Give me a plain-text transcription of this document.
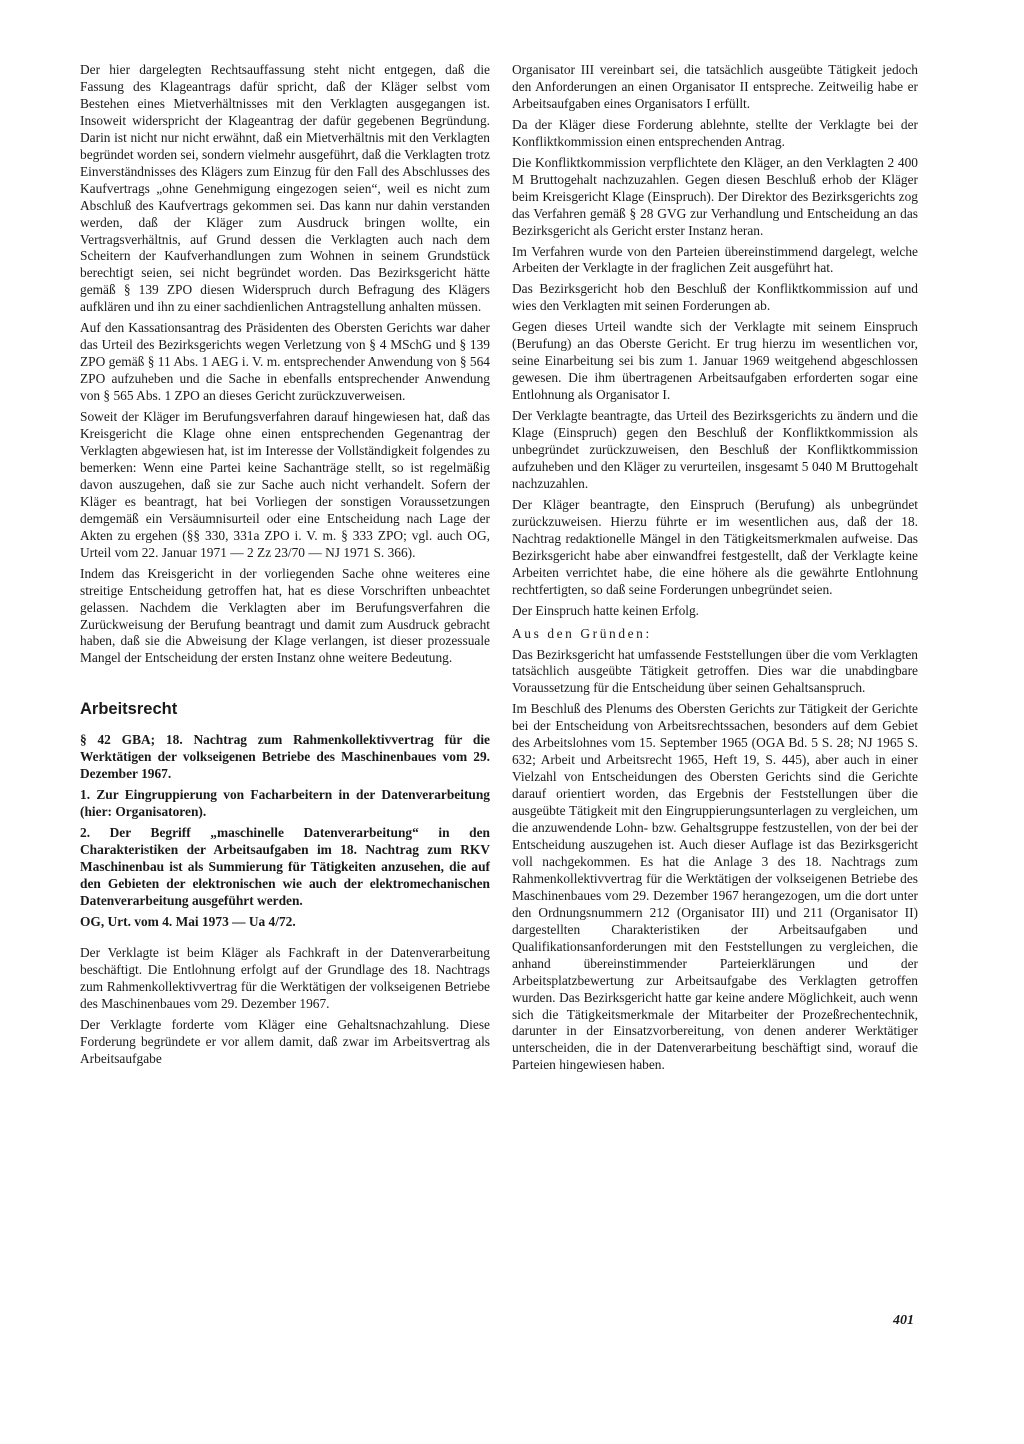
Der hier dargelegten Rechtsauffassung steht nicht entgegen, daß die Fassung des Klageantrags dafür spricht, daß der Kläger selbst vom Bestehen eines Mietverhältnisses mit den Verklagten ausgegangen ist. Insoweit widerspricht der Klageantrag der dafür gegebenen Begründung. Darin ist nicht nur nicht erwähnt, daß ein Mietverhältnis mit den Verklagten begründet worden sei, sondern vielmehr ausgeführt, daß die Verklagten trotz Einverständnisses des Klägers zum Einzug für den Fall des Abschlusses des Kaufvertrags „ohne Genehmigung eingezogen seien“, weil es nicht zum Abschluß des Kaufvertrags gekommen sei. Das kann nur dahin verstanden werden, daß der Kläger zum Ausdruck bringen wollte, ein Vertragsverhältnis, auf Grund dessen die Verklagten auch nach dem Scheitern der Kaufverhandlungen zum Wohnen in seinem Grundstück berechtigt seien, sei nicht begründet worden. Das Bezirksgericht hätte gemäß § 139 ZPO diesen Widerspruch durch Befragung des Klägers aufklären und ihn zu einer sachdienlichen Antragstellung anhalten müssen.

Auf den Kassationsantrag des Präsidenten des Obersten Gerichts war daher das Urteil des Bezirksgerichts wegen Verletzung von § 4 MSchG und § 139 ZPO gemäß § 11 Abs. 1 AEG i. V. m. entsprechender Anwendung von § 564 ZPO aufzuheben und die Sache in ebenfalls entsprechender Anwendung von § 565 Abs. 1 ZPO an dieses Gericht zurückzuverweisen.

Soweit der Kläger im Berufungsverfahren darauf hingewiesen hat, daß das Kreisgericht die Klage ohne einen entsprechenden Gegenantrag der Verklagten abgewiesen hat, ist im Interesse der Vollständigkeit folgendes zu bemerken: Wenn eine Partei keine Sachanträge stellt, so ist regelmäßig davon auszugehen, daß sie zur Sache auch nicht verhandelt. Sofern der Kläger es beantragt, hat bei Vorliegen der sonstigen Voraussetzungen demgemäß ein Versäumnisurteil oder eine Entscheidung nach Lage der Akten zu ergehen (§§ 330, 331a ZPO i. V. m. § 333 ZPO; vgl. auch OG, Urteil vom 22. Januar 1971 — 2 Zz 23/70 — NJ 1971 S. 366).

Indem das Kreisgericht in der vorliegenden Sache ohne weiteres eine streitige Entscheidung getroffen hat, hat es diese Vorschriften unbeachtet gelassen. Nachdem die Verklagten aber im Berufungsverfahren die Zurückweisung der Berufung beantragt und damit zum Ausdruck gebracht haben, daß sie die Abweisung der Klage verlangen, ist dieser prozessuale Mangel der Entscheidung der ersten Instanz ohne weitere Bedeutung.

Arbeitsrecht

§ 42 GBA; 18. Nachtrag zum Rahmenkollektivvertrag für die Werktätigen der volkseigenen Betriebe des Maschinenbaues vom 29. Dezember 1967.

1. Zur Eingruppierung von Facharbeitern in der Datenverarbeitung (hier: Organisatoren).

2. Der Begriff „maschinelle Datenverarbeitung“ in den Charakteristiken der Arbeitsaufgaben im 18. Nachtrag zum RKV Maschinenbau ist als Summierung für Tätigkeiten anzusehen, die auf den Gebieten der elektronischen wie auch der elektromechanischen Datenverarbeitung ausgeführt werden.

OG, Urt. vom 4. Mai 1973 — Ua 4/72.

Der Verklagte ist beim Kläger als Fachkraft in der Datenverarbeitung beschäftigt. Die Entlohnung erfolgt auf der Grundlage des 18. Nachtrags zum Rahmenkollektivvertrag für die Werktätigen der volkseigenen Betriebe des Maschinenbaues vom 29. Dezember 1967.

Der Verklagte forderte vom Kläger eine Gehaltsnachzahlung. Diese Forderung begründete er vor allem damit, daß zwar im Arbeitsvertrag als Arbeitsaufgabe

Organisator III vereinbart sei, die tatsächlich ausgeübte Tätigkeit jedoch den Anforderungen an einen Organisator II entspreche. Zeitweilig habe er Arbeitsaufgaben eines Organisators I erfüllt.

Da der Kläger diese Forderung ablehnte, stellte der Verklagte bei der Konfliktkommission einen entsprechenden Antrag.

Die Konfliktkommission verpflichtete den Kläger, an den Verklagten 2 400 M Bruttogehalt nachzuzahlen. Gegen diesen Beschluß erhob der Kläger beim Kreisgericht Klage (Einspruch). Der Direktor des Bezirksgerichts zog das Verfahren gemäß § 28 GVG zur Verhandlung und Entscheidung an das Bezirksgericht als Gericht erster Instanz heran.

Im Verfahren wurde von den Parteien übereinstimmend dargelegt, welche Arbeiten der Verklagte in der fraglichen Zeit ausgeführt hat.

Das Bezirksgericht hob den Beschluß der Konfliktkommission auf und wies den Verklagten mit seinen Forderungen ab.

Gegen dieses Urteil wandte sich der Verklagte mit seinem Einspruch (Berufung) an das Oberste Gericht. Er trug hierzu im wesentlichen vor, seine Einarbeitung sei bis zum 1. Januar 1969 weitgehend abgeschlossen gewesen. Die ihm übertragenen Arbeitsaufgaben erforderten sogar eine Entlohnung als Organisator I.

Der Verklagte beantragte, das Urteil des Bezirksgerichts zu ändern und die Klage (Einspruch) gegen den Beschluß der Konfliktkommission als unbegründet zurückzuweisen, den Beschluß der Konfliktkommission aufzuheben und den Kläger zu verurteilen, insgesamt 5 040 M Bruttogehalt nachzuzahlen.

Der Kläger beantragte, den Einspruch (Berufung) als unbegründet zurückzuweisen. Hierzu führte er im wesentlichen aus, daß der 18. Nachtrag redaktionelle Mängel in den Tätigkeitsmerkmalen aufweise. Das Bezirksgericht habe aber einwandfrei festgestellt, daß der Verklagte keine Arbeiten verrichtet habe, die eine höhere als die gewährte Entlohnung rechtfertigten, so daß seine Forderungen unbegründet seien.

Der Einspruch hatte keinen Erfolg.

Aus den Gründen:

Das Bezirksgericht hat umfassende Feststellungen über die vom Verklagten tatsächlich ausgeübte Tätigkeit getroffen. Dies war die unabdingbare Voraussetzung für die Entscheidung über seinen Gehaltsanspruch.

Im Beschluß des Plenums des Obersten Gerichts zur Tätigkeit der Gerichte bei der Entscheidung von Arbeitsrechtssachen, besonders auf dem Gebiet des Arbeitslohnes vom 15. September 1965 (OGA Bd. 5 S. 28; NJ 1965 S. 632; Arbeit und Arbeitsrecht 1965, Heft 19, S. 445), aber auch in einer Vielzahl von Entscheidungen des Obersten Gerichts sind die Gerichte darauf orientiert worden, das Ergebnis der Feststellungen über die ausgeübte Tätigkeit mit den Eingruppierungsunterlagen zu vergleichen, um die anzuwendende Lohn- bzw. Gehaltsgruppe festzustellen, von der bei der Entscheidung auszugehen ist. Auch dieser Auflage ist das Bezirksgericht voll nachgekommen. Es hat die Anlage 3 des 18. Nachtrags zum Rahmenkollektivvertrag für die Werktätigen der volkseigenen Betriebe des Maschinenbaues vom 29. Dezember 1967 herangezogen, um die dort unter den Ordnungsnummern 212 (Organisator III) und 211 (Organisator II) dargestellten Charakteristiken der Arbeitsaufgaben und Qualifikationsanforderungen mit den Feststellungen zu vergleichen, die anhand übereinstimmender Parteierklärungen und der Arbeitsplatzbewertung zur Arbeitsaufgabe des Verklagten getroffen wurden. Das Bezirksgericht hatte gar keine andere Möglichkeit, auch wenn sich die Tätigkeitsmerkmale der Mitarbeiter der Prozeßrechentechnik, darunter in der Einsatzvorbereitung, von denen anderer Werktätiger unterscheiden, die in der Datenverarbeitung beschäftigt sind, worauf die Parteien hingewiesen haben.

401
